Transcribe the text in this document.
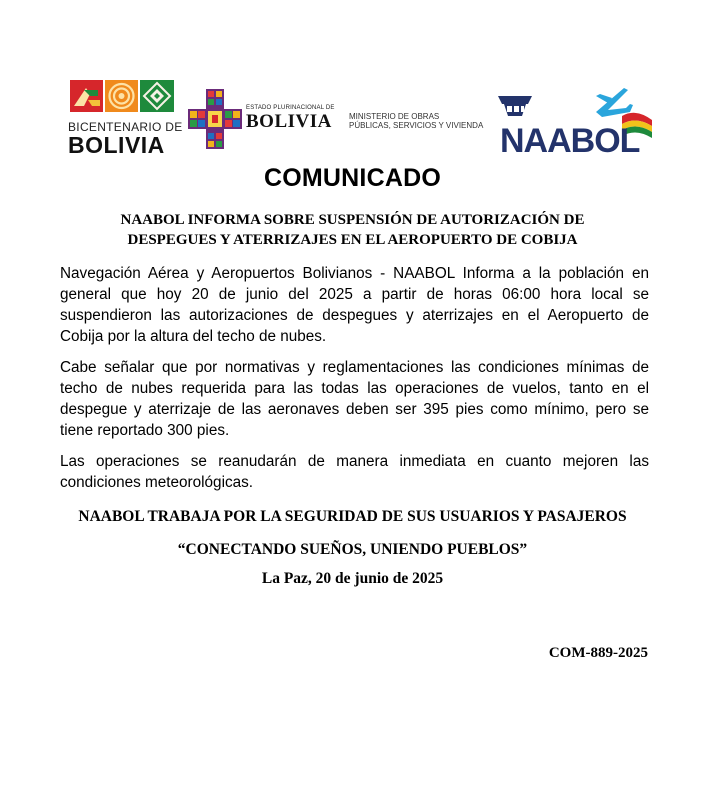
BICENTENARIO DE
BOLIVIA
ESTADO PLURINACIONAL DE
BOLIVIA MINISTERIO DE OBRAS
PÚBLICAS, SERVICIOS Y VIVIENDA NAABOL
COMUNICADO
NAABOL INFORMA SOBRE SUSPENSIÓN DE AUTORIZACIÓN DE
DESPEGUES Y ATERRIZAJES EN EL AEROPUERTO DE COBIJA
Navegación Aérea y Aeropuertos Bolivianos - NAABOL Informa a la población en general que hoy 20 de junio del 2025 a partir de horas 06:00 hora local se suspendieron las autorizaciones de despegues y aterrizajes en el Aeropuerto de Cobija por la altura del techo de nubes.
Cabe señalar que por normativas y reglamentaciones las condiciones mínimas de techo de nubes requerida para las todas las operaciones de vuelos, tanto en el despegue y aterrizaje de las aeronaves deben ser 395 pies como mínimo, pero se tiene reportado 300 pies.
Las operaciones se reanudarán de manera inmediata en cuanto mejoren las condiciones meteorológicas.
NAABOL TRABAJA POR LA SEGURIDAD DE SUS USUARIOS Y PASAJEROS
“CONECTANDO SUEÑOS, UNIENDO PUEBLOS”
La Paz, 20 de junio de 2025
COM-889-2025
